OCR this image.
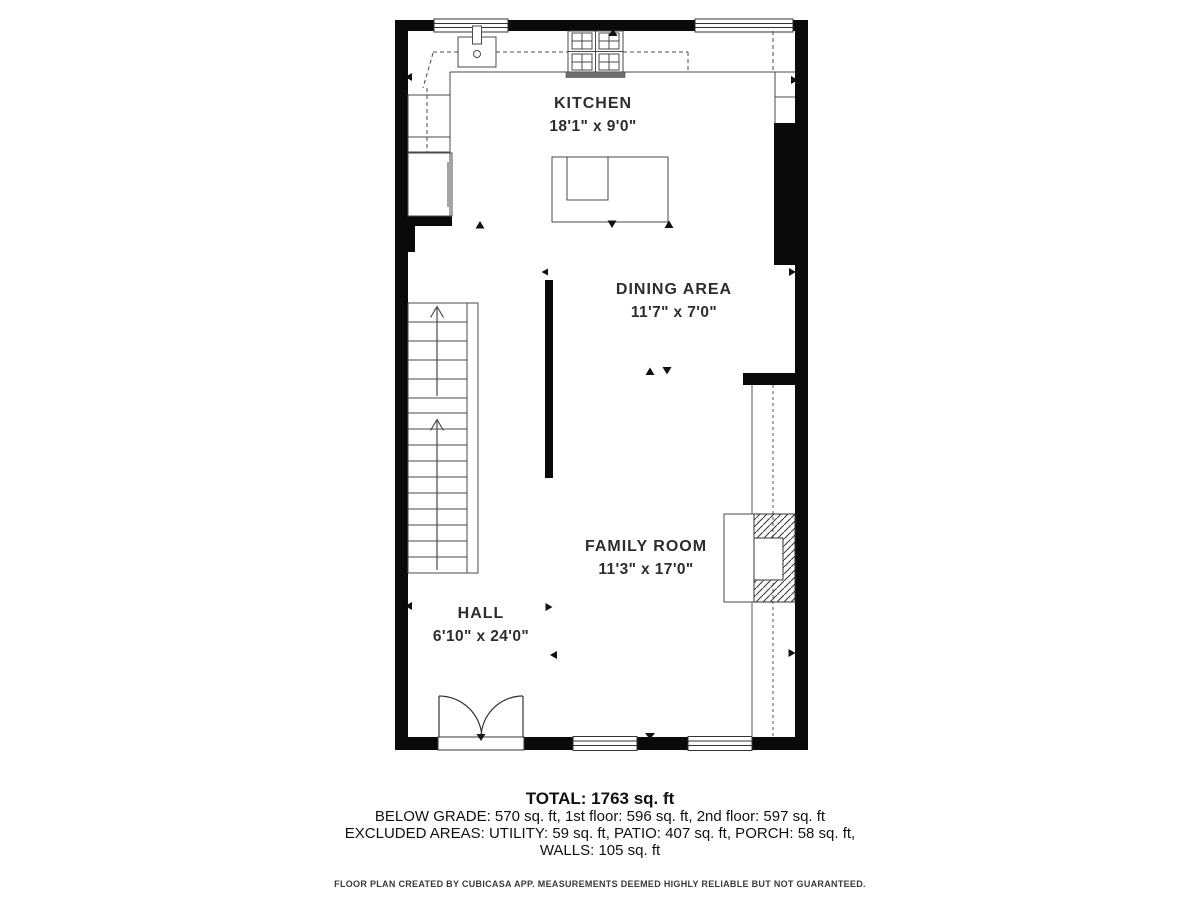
KITCHEN
18'1" x 9'0"
DINING AREA
11'7" x 7'0"
FAMILY ROOM
11'3" x 17'0"
HALL
6'10" x 24'0"
TOTAL: 1763 sq. ft
BELOW GRADE: 570 sq. ft, 1st floor: 596 sq. ft, 2nd floor: 597 sq. ft
EXCLUDED AREAS: UTILITY: 59 sq. ft, PATIO: 407 sq. ft, PORCH: 58 sq. ft,
WALLS: 105 sq. ft
FLOOR PLAN CREATED BY CUBICASA APP. MEASUREMENTS DEEMED HIGHLY RELIABLE BUT NOT GUARANTEED.
